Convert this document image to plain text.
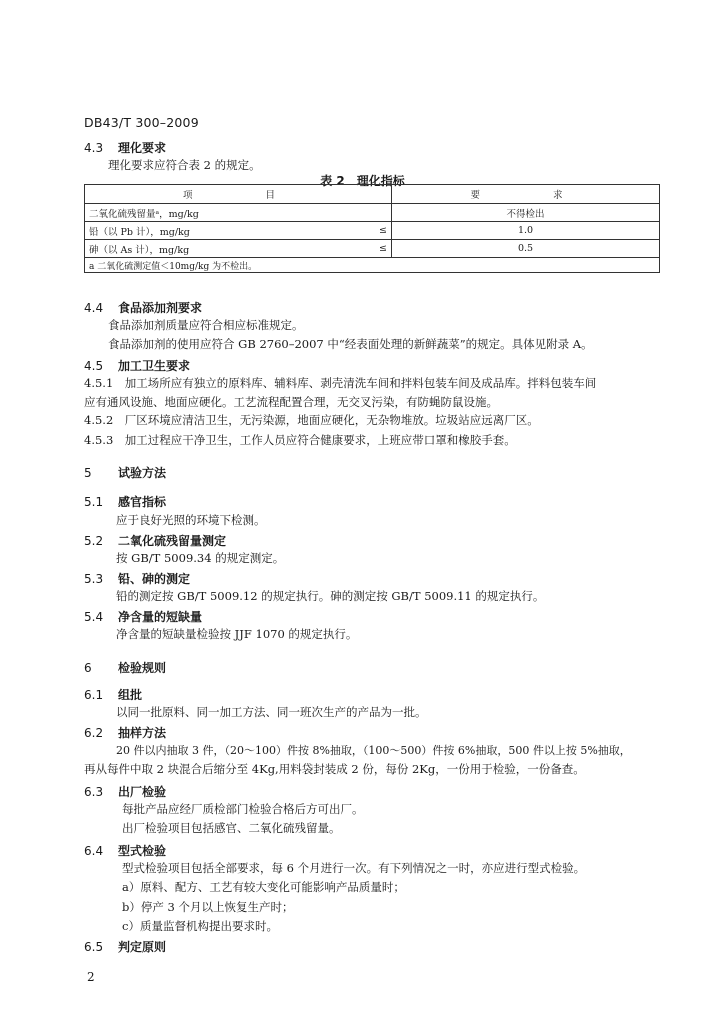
DB43/T 300–2009
4.3 理化要求
理化要求应符合表 2 的规定。
表 2　理化指标
项　　目		要　　求
二氧化硫残留量ᵃ，mg/kg		不得检出
铅（以 Pb 计），mg/kg	≤	1.0
砷（以 As 计），mg/kg	≤	0.5
a 二氧化硫测定值＜10mg/kg 为不检出。		
4.4 食品添加剂要求
食品添加剂质量应符合相应标准规定。
食品添加剂的使用应符合 GB 2760–2007 中“经表面处理的新鲜蔬菜”的规定。具体见附录 A。
4.5 加工卫生要求
4.5.1　加工场所应有独立的原料库、辅料库、剥壳清洗车间和拌料包装车间及成品库。拌料包装车间
应有通风设施、地面应硬化。工艺流程配置合理，无交叉污染，有防蝇防鼠设施。
4.5.2　厂区环境应清洁卫生，无污染源，地面应硬化，无杂物堆放。垃圾站应远离厂区。
4.5.3　加工过程应干净卫生，工作人员应符合健康要求，上班应带口罩和橡胶手套。
5 试验方法
5.1 感官指标
应于良好光照的环境下检测。
5.2 二氧化硫残留量测定
按 GB/T 5009.34 的规定测定。
5.3 铅、砷的测定
铅的测定按 GB/T 5009.12 的规定执行。砷的测定按 GB/T 5009.11 的规定执行。
5.4 净含量的短缺量
净含量的短缺量检验按 JJF 1070 的规定执行。
6 检验规则
6.1 组批
以同一批原料、同一加工方法、同一班次生产的产品为一批。
6.2 抽样方法
20 件以内抽取 3 件，（20～100）件按 8%抽取，（100～500）件按 6%抽取，500 件以上按 5%抽取，
再从每件中取 2 块混合后缩分至 4Kg,用料袋封装成 2 份，每份 2Kg，一份用于检验，一份备查。
6.3 出厂检验
每批产品应经厂质检部门检验合格后方可出厂。
出厂检验项目包括感官、二氧化硫残留量。
6.4 型式检验
型式检验项目包括全部要求，每 6 个月进行一次。有下列情况之一时，亦应进行型式检验。
a）原料、配方、工艺有较大变化可能影响产品质量时；
b）停产 3 个月以上恢复生产时；
c）质量监督机构提出要求时。
6.5 判定原则
2
